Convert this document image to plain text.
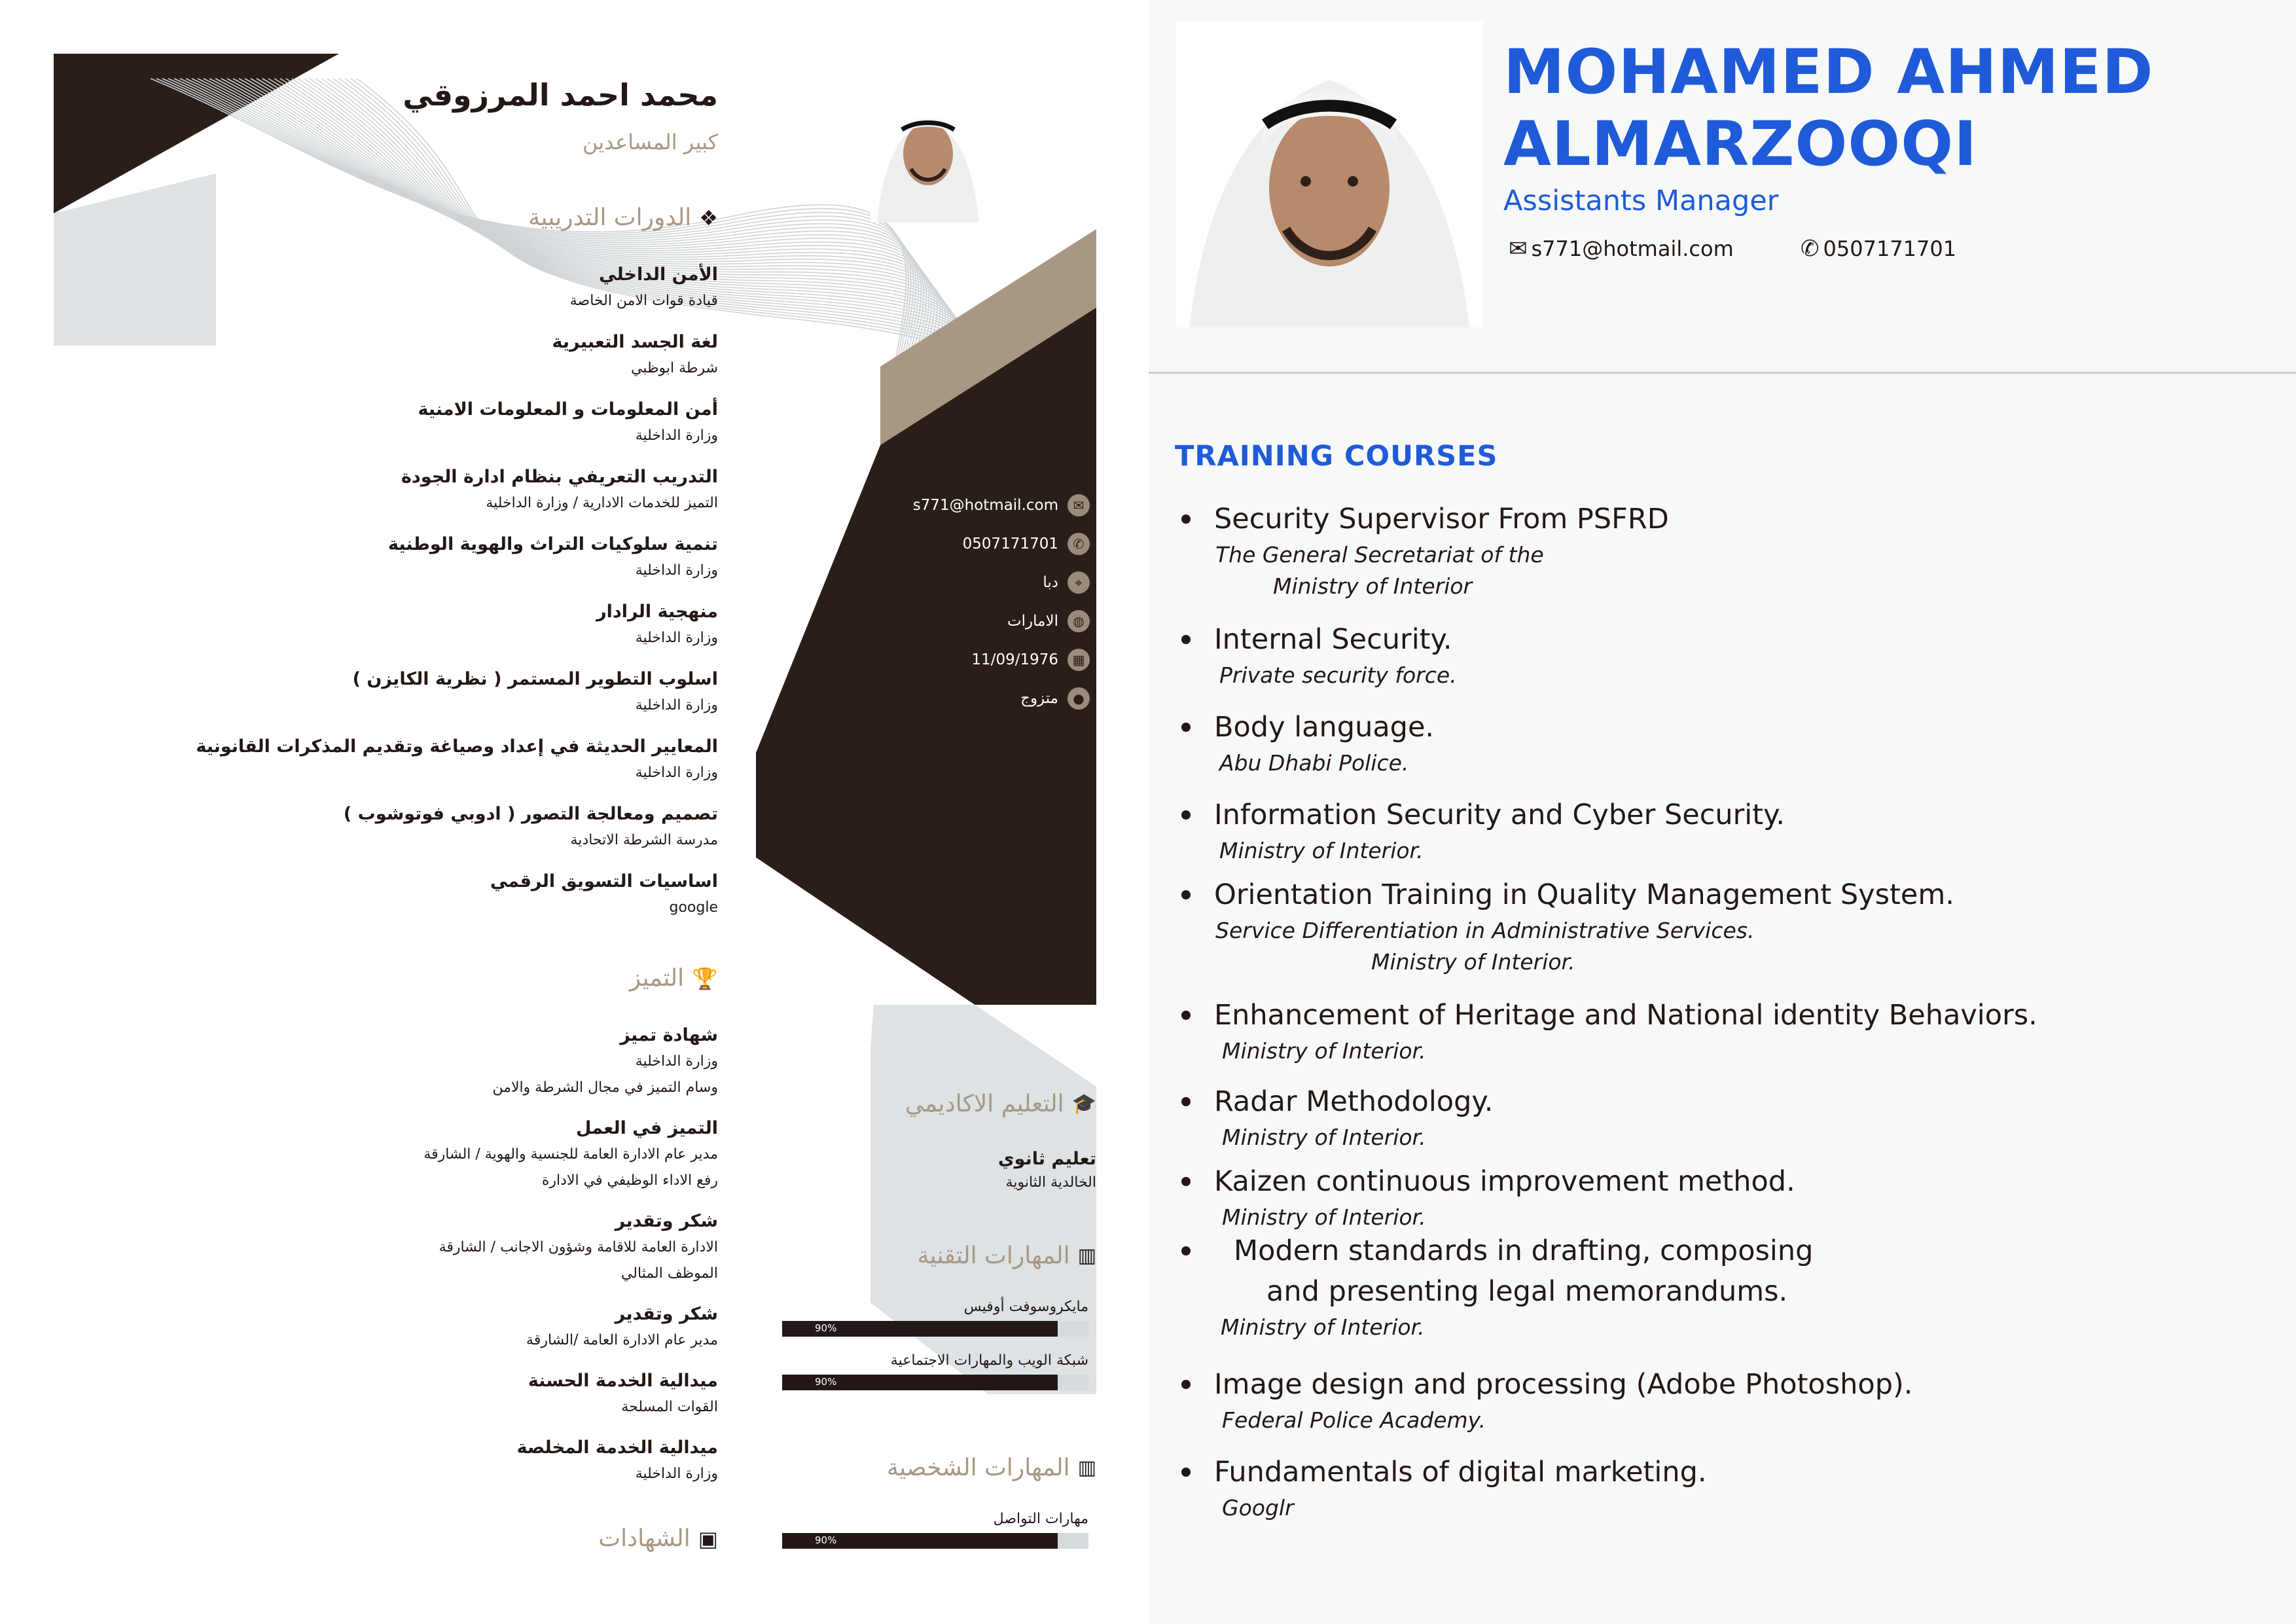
محمد احمد المرزوقي
كبير المساعدين
❖
الدورات التدريبية
الأمن الداخلي
قيادة قوات الامن الخاصة
لغة الجسد التعبيرية
شرطة ابوظبي
أمن المعلومات و المعلومات الامنية
وزارة الداخلية
التدريب التعريفي بنظام ادارة الجودة
التميز للخدمات الادارية / وزارة الداخلية
تنمية سلوكيات التراث والهوية الوطنية
وزارة الداخلية
منهجية الرادار
وزارة الداخلية
اسلوب التطوير المستمر ( نظرية الكايزن )
وزارة الداخلية
المعايير الحديثة في إعداد وصياغة وتقديم المذكرات القانونية
وزارة الداخلية
تصميم ومعالجة التصور ( ادوبي فوتوشوب )
مدرسة الشرطة الاتحادية
اساسيات التسويق الرقمي
google
🏆
التميز
شهادة تميز
وزارة الداخلية
وسام التميز في مجال الشرطة والامن
التميز في العمل
مدير عام الادارة العامة للجنسية والهوية / الشارقة
رفع الاداء الوظيفي في الادارة
شكر وتقدير
الادارة العامة للاقامة وشؤون الاجانب / الشارقة
الموظف المثالي
شكر وتقدير
مدير عام الادارة العامة /الشارقة
ميدالية الخدمة الحسنة
القوات المسلحة
ميدالية الخدمة المخلصة
وزارة الداخلية
▣
الشهادات
✉
s771@hotmail.com
✆
0507171701
⌖
دبا
◍
الامارات
▦
11/09/1976
●
متزوج
🎓
التعليم الاكاديمي
تعليم ثانوي
الخالدية الثانوية
▥
المهارات التقنية
مايكروسوفت أوفيس
90%
شبكة الويب والمهارات الاجتماعية
90%
▥
المهارات الشخصية
مهارات التواصل
90%
MOHAMED AHMED
ALMARZOOQI
Assistants Manager
✉ s771@hotmail.com	✆ 0507171701
TRAINING COURSES
Security Supervisor From PSFRD
The General Secretariat of the
Ministry of Interior
Internal Security.
Private security force.
Body language.
Abu Dhabi Police.
Information Security and Cyber Security.
Ministry of Interior.
Orientation Training in Quality Management System.
Service Differentiation in Administrative Services.
Ministry of Interior.
Enhancement of Heritage and National identity Behaviors.
Ministry of Interior.
Radar Methodology.
Ministry of Interior.
Kaizen continuous improvement method.
Ministry of Interior.
Modern standards in drafting, composing
and presenting legal memorandums.
Ministry of Interior.
Image design and processing (Adobe Photoshop).
Federal Police Academy.
Fundamentals of digital marketing.
Googlr
